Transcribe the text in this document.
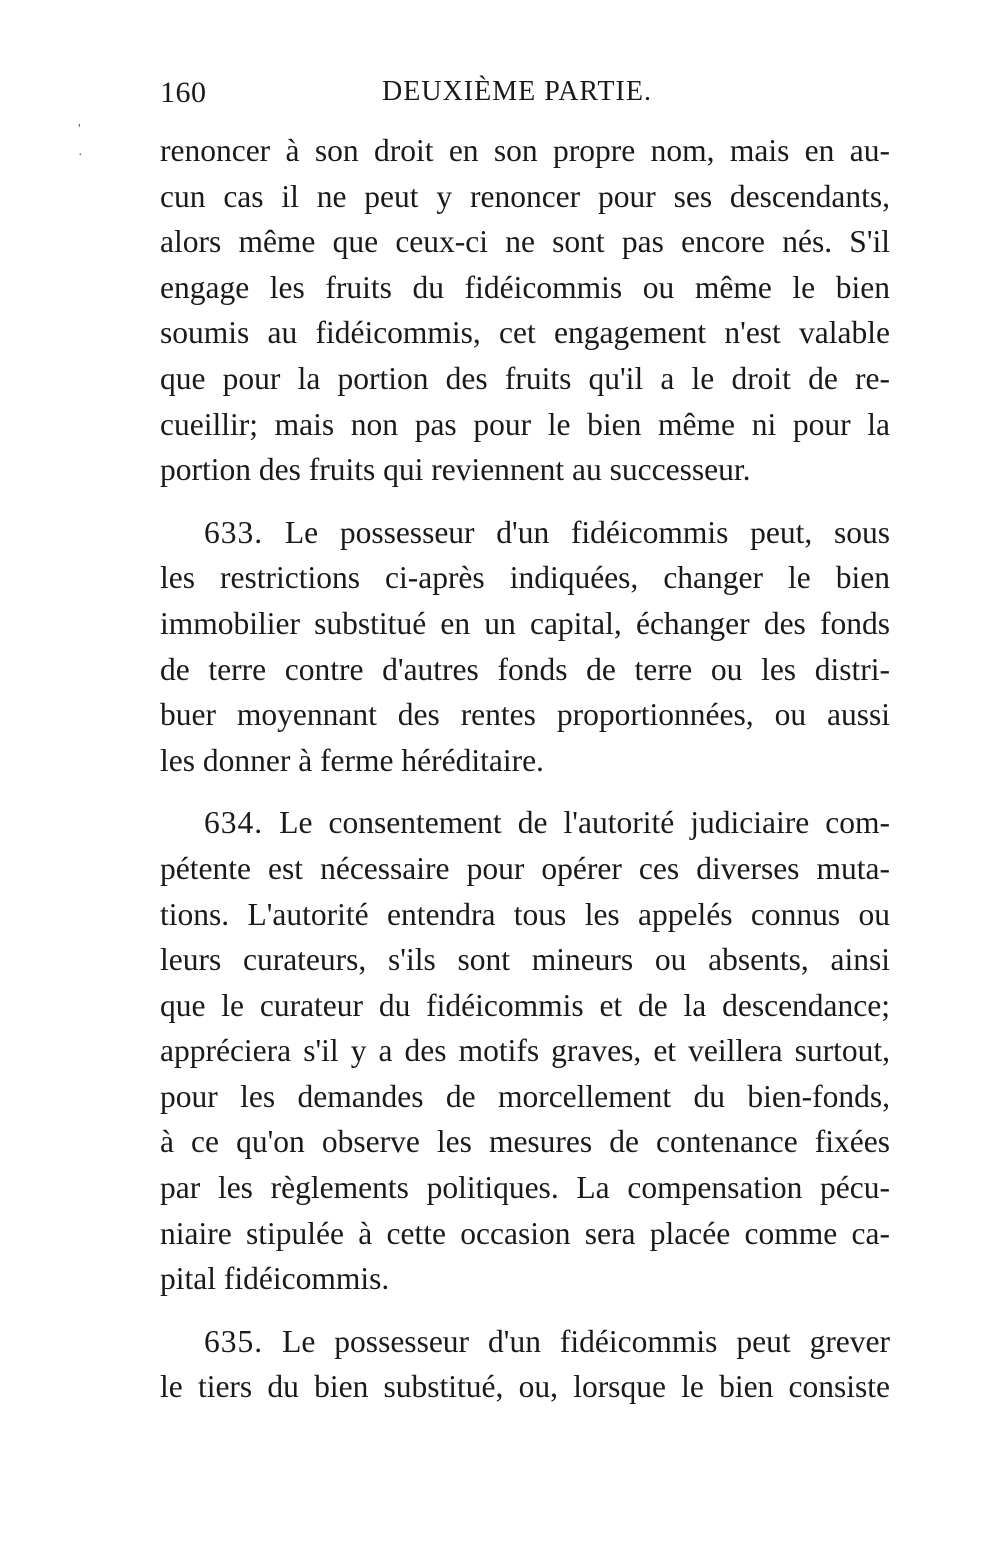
'
·
160	DEUXIÈME PARTIE.
renoncer à son droit en son propre nom, mais en au-
cun cas il ne peut y renoncer pour ses descendants,
alors même que ceux-ci ne sont pas encore nés. S'il
engage les fruits du fidéicommis ou même le bien
soumis au fidéicommis, cet engagement n'est valable
que pour la portion des fruits qu'il a le droit de re-
cueillir; mais non pas pour le bien même ni pour la
portion des fruits qui reviennent au successeur.
633. Le possesseur d'un fidéicommis peut, sous
les restrictions ci-après indiquées, changer le bien
immobilier substitué en un capital, échanger des fonds
de terre contre d'autres fonds de terre ou les distri-
buer moyennant des rentes proportionnées, ou aussi
les donner à ferme héréditaire.
634. Le consentement de l'autorité judiciaire com-
pétente est nécessaire pour opérer ces diverses muta-
tions. L'autorité entendra tous les appelés connus ou
leurs curateurs, s'ils sont mineurs ou absents, ainsi
que le curateur du fidéicommis et de la descendance;
appréciera s'il y a des motifs graves, et veillera surtout,
pour les demandes de morcellement du bien-fonds,
à ce qu'on observe les mesures de contenance fixées
par les règlements politiques. La compensation pécu-
niaire stipulée à cette occasion sera placée comme ca-
pital fidéicommis.
635. Le possesseur d'un fidéicommis peut grever
le tiers du bien substitué, ou, lorsque le bien consiste
